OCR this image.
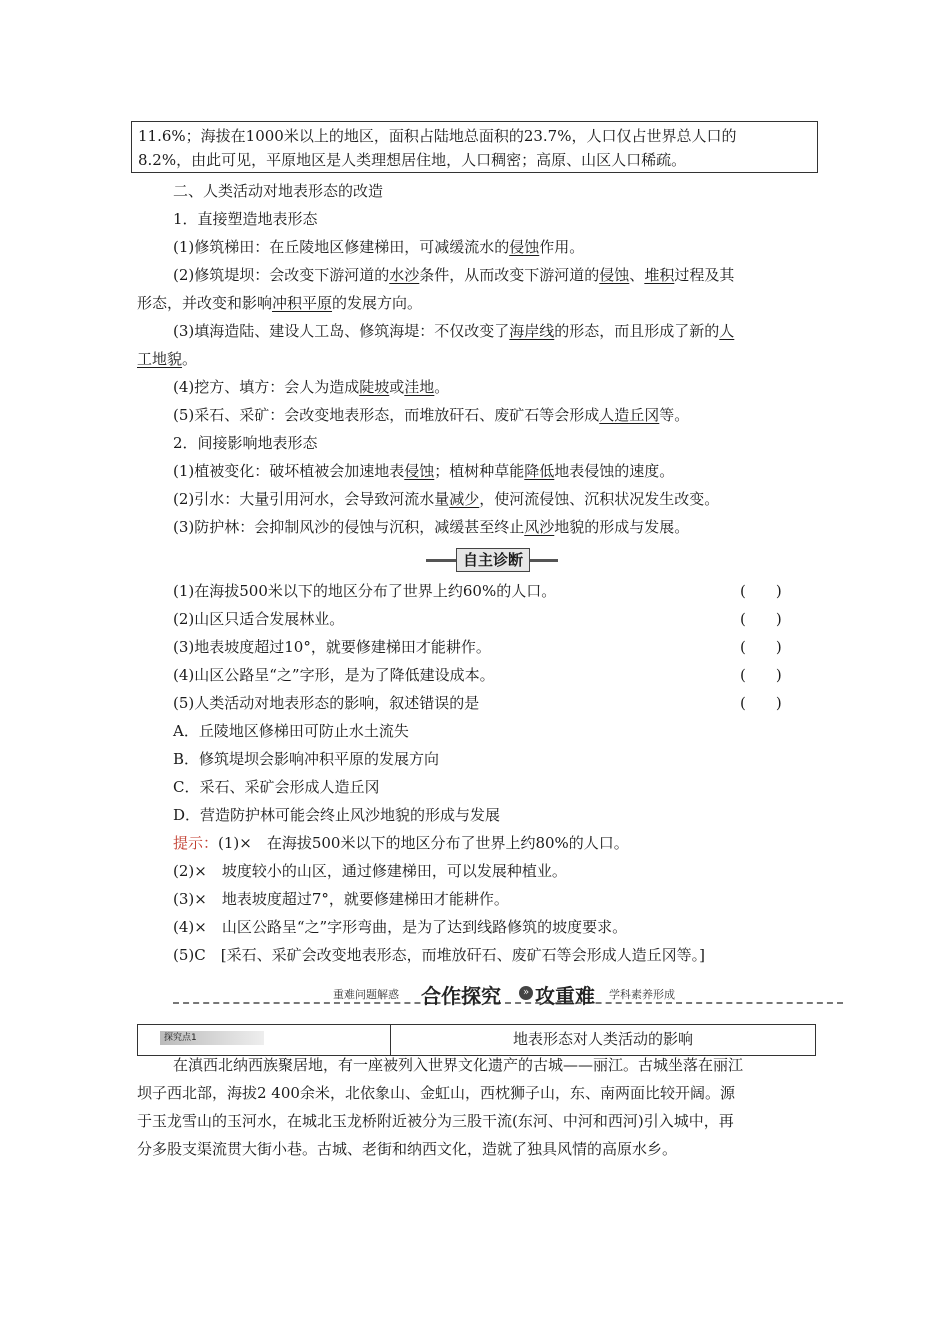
11.6%；海拔在1000米以上的地区，面积占陆地总面积的23.7%，人口仅占世界总人口的
8.2%，由此可见，平原地区是人类理想居住地，人口稠密；高原、山区人口稀疏。
二、人类活动对地表形态的改造
1．直接塑造地表形态
(1)修筑梯田：在丘陵地区修建梯田，可减缓流水的侵蚀作用。
(2)修筑堤坝：会改变下游河道的水沙条件，从而改变下游河道的侵蚀、堆积过程及其
形态，并改变和影响冲积平原的发展方向。
(3)填海造陆、建设人工岛、修筑海堤：不仅改变了海岸线的形态，而且形成了新的人
工地貌。
(4)挖方、填方：会人为造成陡坡或洼地。
(5)采石、采矿：会改变地表形态，而堆放矸石、废矿石等会形成人造丘冈等。
2．间接影响地表形态
(1)植被变化：破坏植被会加速地表侵蚀；植树种草能降低地表侵蚀的速度。
(2)引水：大量引用河水，会导致河流水量减少，使河流侵蚀、沉积状况发生改变。
(3)防护林：会抑制风沙的侵蚀与沉积，减缓甚至终止风沙地貌的形成与发展。
自主诊断
(1)在海拔500米以下的地区分布了世界上约60%的人口。	(　　)
(2)山区只适合发展林业。	(　　)
(3)地表坡度超过10°，就要修建梯田才能耕作。	(　　)
(4)山区公路呈“之”字形，是为了降低建设成本。	(　　)
(5)人类活动对地表形态的影响，叙述错误的是	(　　)
A．丘陵地区修梯田可防止水土流失
B．修筑堤坝会影响冲积平原的发展方向
C．采石、采矿会形成人造丘冈
D．营造防护林可能会终止风沙地貌的形成与发展
提示：(1)×　在海拔500米以下的地区分布了世界上约80%的人口。
(2)×　坡度较小的山区，通过修建梯田，可以发展种植业。
(3)×　地表坡度超过7°，就要修建梯田才能耕作。
(4)×　山区公路呈“之”字形弯曲，是为了达到线路修筑的坡度要求。
(5)C　[采石、采矿会改变地表形态，而堆放矸石、废矿石等会形成人造丘冈等。]
重难问题解惑 合作探究	» 攻重难 学科素养形成
探究点1	地表形态对人类活动的影响
在滇西北纳西族聚居地，有一座被列入世界文化遗产的古城——丽江。古城坐落在丽江
坝子西北部，海拔2 400余米，北依象山、金虹山，西枕狮子山，东、南两面比较开阔。源
于玉龙雪山的玉河水，在城北玉龙桥附近被分为三股干流(东河、中河和西河)引入城中，再
分多股支渠流贯大街小巷。古城、老街和纳西文化，造就了独具风情的高原水乡。
